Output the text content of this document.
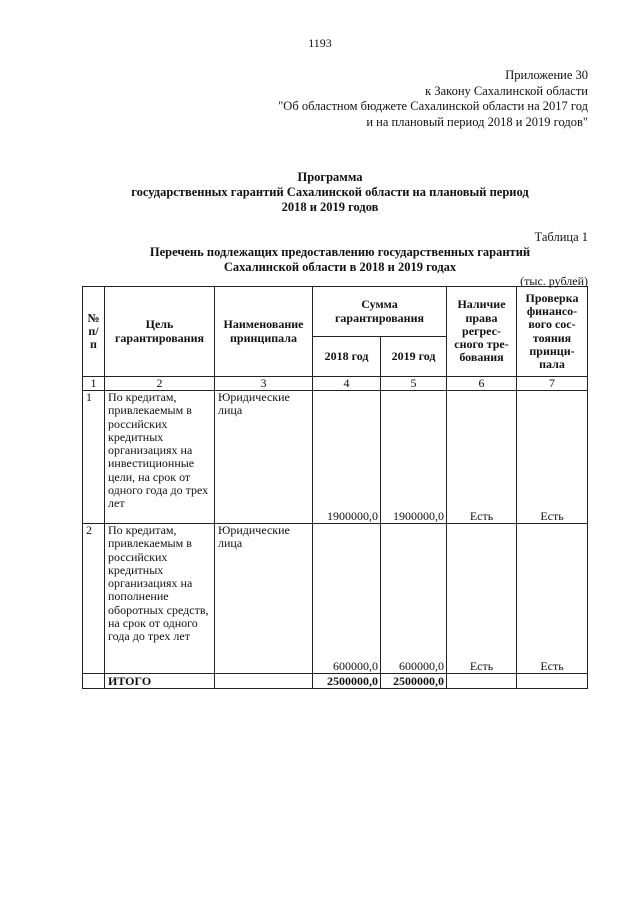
1193
Приложение 30
к Закону Сахалинской области
"Об областном бюджете Сахалинской области на 2017 год
и на плановый период 2018 и 2019 годов"
Программа
государственных гарантий Сахалинской области на плановый период
2018 и 2019 годов
Таблица 1
Перечень подлежащих предоставлению государственных гарантий
Сахалинской области в 2018 и 2019 годах
(тыс. рублей)
№ п/п	Цель гарантирования	Наименование принципала	Сумма гарантирования		Наличие права регрес-сного тре-бования	Проверка финансо-вого сос-тояния принци-пала
			2018 год	2019 год		
1	2	3	4	5	6	7
1	По кредитам, привлекаемым в российских кредитных организациях на инвестиционные цели, на срок от одного года до трех лет	Юридические лица	1900000,0	1900000,0	Есть	Есть
2	По кредитам, привлекаемым в российских кредитных организациях на пополнение оборотных средств, на срок от одного года до трех лет	Юридические лица	600000,0	600000,0	Есть	Есть
	ИТОГО		2500000,0	2500000,0		
